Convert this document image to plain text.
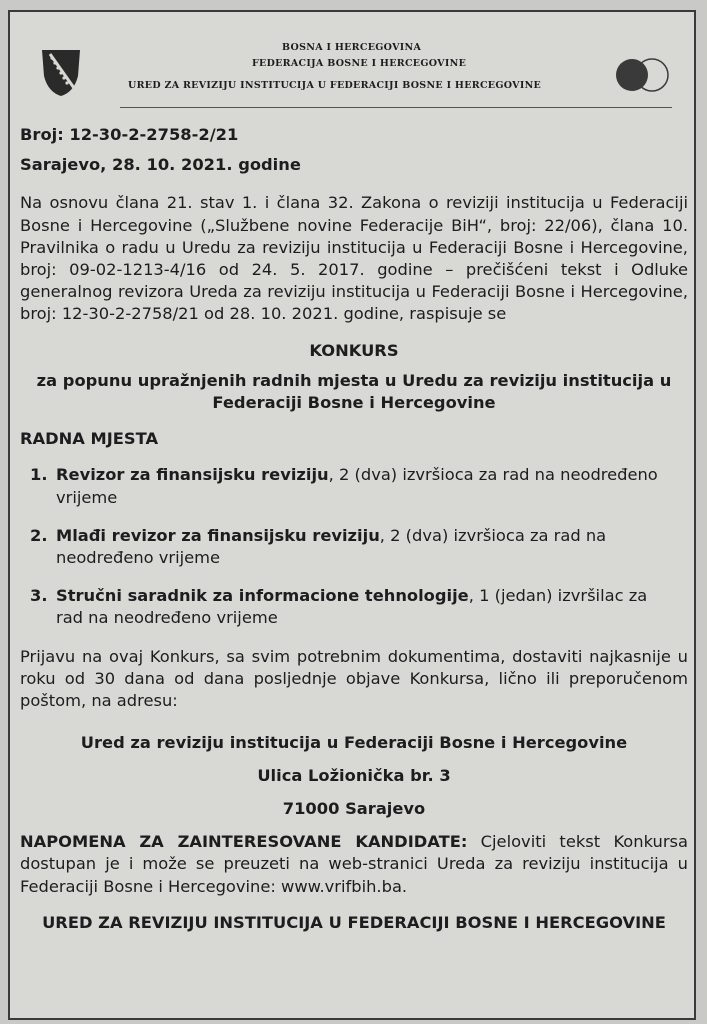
BOSNA I HERCEGOVINA
FEDERACIJA BOSNE I HERCEGOVINE
URED ZA REVIZIJU INSTITUCIJA U FEDERACIJI BOSNE I HERCEGOVINE

Broj: 12-30-2-2758-2/21

Sarajevo, 28. 10. 2021. godine

Na osnovu člana 21. stav 1. i člana 32. Zakona o reviziji institucija u Federaciji Bosne i Hercegovine („Službene novine Federacije BiH“, broj: 22/06), člana 10. Pravilnika o radu u Uredu za reviziju institucija u Federaciji Bosne i Hercegovine, broj: 09-02-1213-4/16 od 24. 5. 2017. godine – prečišćeni tekst i Odluke generalnog revizora Ureda za reviziju institucija u Federaciji Bosne i Hercegovine, broj: 12-30-2-2758/21 od 28. 10. 2021. godine, raspisuje se

KONKURS

za popunu upražnjenih radnih mjesta u Uredu za reviziju institucija u Federaciji Bosne i Hercegovine

RADNA MJESTA

1. Revizor za finansijsku reviziju, 2 (dva) izvršioca za rad na neodređeno vrijeme
2. Mlađi revizor za finansijsku reviziju, 2 (dva) izvršioca za rad na neodređeno vrijeme
3. Stručni saradnik za informacione tehnologije, 1 (jedan) izvršilac za rad na neodređeno vrijeme

Prijavu na ovaj Konkurs, sa svim potrebnim dokumentima, dostaviti najkasnije u roku od 30 dana od dana posljednje objave Konkursa, lično ili preporučenom poštom, na adresu:

Ured za reviziju institucija u Federaciji Bosne i Hercegovine
Ulica Ložionička br. 3
71000 Sarajevo

NAPOMENA ZA ZAINTERESOVANE KANDIDATE: Cjeloviti tekst Konkursa dostupan je i može se preuzeti na web-stranici Ureda za reviziju institucija u Federaciji Bosne i Hercegovine: www.vrifbih.ba.

URED ZA REVIZIJU INSTITUCIJA U FEDERACIJI BOSNE I HERCEGOVINE
